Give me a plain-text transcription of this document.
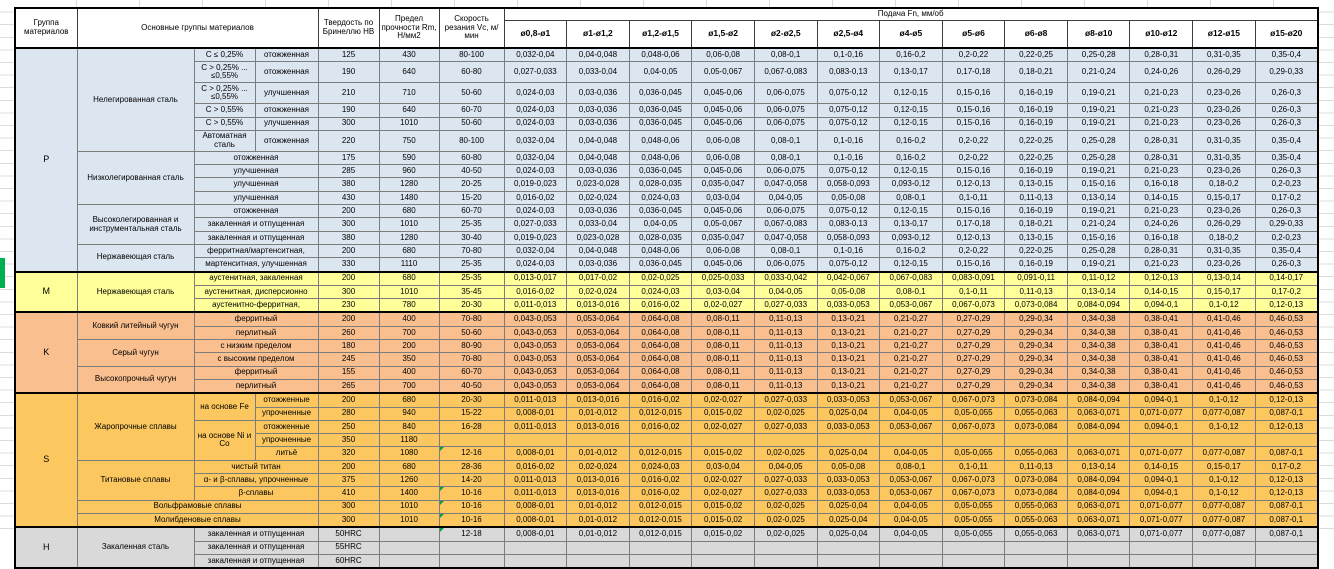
Группа материалов	Основные группы материалов			Твердость по Бринеллю НВ	Предел прочности Rm, Н/мм2	Скорость резания Vc, м/мин	Подача Fn, мм/об												
							ø0,8-ø1	ø1-ø1,2	ø1,2-ø1,5	ø1,5-ø2	ø2-ø2,5	ø2,5-ø4	ø4-ø5	ø5-ø6	ø6-ø8	ø8-ø10	ø10-ø12	ø12-ø15	ø15-ø20
P	Нелегированная сталь	C ≤ 0,25%	отожженная	125	430	80-100	0,032-0,04	0,04-0,048	0,048-0,06	0,06-0,08	0,08-0,1	0,1-0,16	0,16-0,2	0,2-0,22	0,22-0,25	0,25-0,28	0,28-0,31	0,31-0,35	0,35-0,4
		C > 0,25% ... ≤0,55%	отожженная	190	640	60-80	0,027-0,033	0,033-0,04	0,04-0,05	0,05-0,067	0,067-0,083	0,083-0,13	0,13-0,17	0,17-0,18	0,18-0,21	0,21-0,24	0,24-0,26	0,26-0,29	0,29-0,33
		C > 0,25% ... ≤0,55%	улучшенная	210	710	50-60	0,024-0,03	0,03-0,036	0,036-0,045	0,045-0,06	0,06-0,075	0,075-0,12	0,12-0,15	0,15-0,16	0,16-0,19	0,19-0,21	0,21-0,23	0,23-0,26	0,26-0,3
		C > 0,55%	отожженная	190	640	60-70	0,024-0,03	0,03-0,036	0,036-0,045	0,045-0,06	0,06-0,075	0,075-0,12	0,12-0,15	0,15-0,16	0,16-0,19	0,19-0,21	0,21-0,23	0,23-0,26	0,26-0,3
		C > 0,55%	улучшенная	300	1010	50-60	0,024-0,03	0,03-0,036	0,036-0,045	0,045-0,06	0,06-0,075	0,075-0,12	0,12-0,15	0,15-0,16	0,16-0,19	0,19-0,21	0,21-0,23	0,23-0,26	0,26-0,3
		Автоматная сталь	отожженная	220	750	80-100	0,032-0,04	0,04-0,048	0,048-0,06	0,06-0,08	0,08-0,1	0,1-0,16	0,16-0,2	0,2-0,22	0,22-0,25	0,25-0,28	0,28-0,31	0,31-0,35	0,35-0,4
	Низколегированная сталь	отожженная		175	590	60-80	0,032-0,04	0,04-0,048	0,048-0,06	0,06-0,08	0,08-0,1	0,1-0,16	0,16-0,2	0,2-0,22	0,22-0,25	0,25-0,28	0,28-0,31	0,31-0,35	0,35-0,4
		улучшенная		285	960	40-50	0,024-0,03	0,03-0,036	0,036-0,045	0,045-0,06	0,06-0,075	0,075-0,12	0,12-0,15	0,15-0,16	0,16-0,19	0,19-0,21	0,21-0,23	0,23-0,26	0,26-0,3
		улучшенная		380	1280	20-25	0,019-0,023	0,023-0,028	0,028-0,035	0,035-0,047	0,047-0,058	0,058-0,093	0,093-0,12	0,12-0,13	0,13-0,15	0,15-0,16	0,16-0,18	0,18-0,2	0,2-0,23
		улучшенная		430	1480	15-20	0,016-0,02	0,02-0,024	0,024-0,03	0,03-0,04	0,04-0,05	0,05-0,08	0,08-0,1	0,1-0,11	0,11-0,13	0,13-0,14	0,14-0,15	0,15-0,17	0,17-0,2
	Высоколегированная и инструментальная сталь	отожженная		200	680	60-70	0,024-0,03	0,03-0,036	0,036-0,045	0,045-0,06	0,06-0,075	0,075-0,12	0,12-0,15	0,15-0,16	0,16-0,19	0,19-0,21	0,21-0,23	0,23-0,26	0,26-0,3
		закаленная и отпущенная		300	1010	25-35	0,027-0,033	0,033-0,04	0,04-0,05	0,05-0,067	0,067-0,083	0,083-0,13	0,13-0,17	0,17-0,18	0,18-0,21	0,21-0,24	0,24-0,26	0,26-0,29	0,29-0,33
		закаленная и отпущенная		380	1280	30-40	0,019-0,023	0,023-0,028	0,028-0,035	0,035-0,047	0,047-0,058	0,058-0,093	0,093-0,12	0,12-0,13	0,13-0,15	0,15-0,16	0,16-0,18	0,18-0,2	0,2-0,23
	Нержавеющая сталь	ферритная/мартенситная,		200	680	70-80	0,032-0,04	0,04-0,048	0,048-0,06	0,06-0,08	0,08-0,1	0,1-0,16	0,16-0,2	0,2-0,22	0,22-0,25	0,25-0,28	0,28-0,31	0,31-0,35	0,35-0,4
		мартенситная, улучшенная		330	1110	25-35	0,024-0,03	0,03-0,036	0,036-0,045	0,045-0,06	0,06-0,075	0,075-0,12	0,12-0,15	0,15-0,16	0,16-0,19	0,19-0,21	0,21-0,23	0,23-0,26	0,26-0,3
M	Нержавеющая сталь	аустенитная, закаленная		200	680	25-35	0,013-0,017	0,017-0,02	0,02-0,025	0,025-0,033	0,033-0,042	0,042-0,067	0,067-0,083	0,083-0,091	0,091-0,11	0,11-0,12	0,12-0,13	0,13-0,14	0,14-0,17
		аустенитная, дисперсионно		300	1010	35-45	0,016-0,02	0,02-0,024	0,024-0,03	0,03-0,04	0,04-0,05	0,05-0,08	0,08-0,1	0,1-0,11	0,11-0,13	0,13-0,14	0,14-0,15	0,15-0,17	0,17-0,2
		аустенитно-ферритная,		230	780	20-30	0,011-0,013	0,013-0,016	0,016-0,02	0,02-0,027	0,027-0,033	0,033-0,053	0,053-0,067	0,067-0,073	0,073-0,084	0,084-0,094	0,094-0,1	0,1-0,12	0,12-0,13
K	Ковкий литейный чугун	ферритный		200	400	70-80	0,043-0,053	0,053-0,064	0,064-0,08	0,08-0,11	0,11-0,13	0,13-0,21	0,21-0,27	0,27-0,29	0,29-0,34	0,34-0,38	0,38-0,41	0,41-0,46	0,46-0,53
		перлитный		260	700	50-60	0,043-0,053	0,053-0,064	0,064-0,08	0,08-0,11	0,11-0,13	0,13-0,21	0,21-0,27	0,27-0,29	0,29-0,34	0,34-0,38	0,38-0,41	0,41-0,46	0,46-0,53
	Серый чугун	с низким пределом		180	200	80-90	0,043-0,053	0,053-0,064	0,064-0,08	0,08-0,11	0,11-0,13	0,13-0,21	0,21-0,27	0,27-0,29	0,29-0,34	0,34-0,38	0,38-0,41	0,41-0,46	0,46-0,53
		с высоким пределом		245	350	70-80	0,043-0,053	0,053-0,064	0,064-0,08	0,08-0,11	0,11-0,13	0,13-0,21	0,21-0,27	0,27-0,29	0,29-0,34	0,34-0,38	0,38-0,41	0,41-0,46	0,46-0,53
	Высокопрочный чугун	ферритный		155	400	60-70	0,043-0,053	0,053-0,064	0,064-0,08	0,08-0,11	0,11-0,13	0,13-0,21	0,21-0,27	0,27-0,29	0,29-0,34	0,34-0,38	0,38-0,41	0,41-0,46	0,46-0,53
		перлитный		265	700	40-50	0,043-0,053	0,053-0,064	0,064-0,08	0,08-0,11	0,11-0,13	0,13-0,21	0,21-0,27	0,27-0,29	0,29-0,34	0,34-0,38	0,38-0,41	0,41-0,46	0,46-0,53
S	Жаропрочные сплавы	на основе Fe	отожженные	200	680	20-30	0,011-0,013	0,013-0,016	0,016-0,02	0,02-0,027	0,027-0,033	0,033-0,053	0,053-0,067	0,067-0,073	0,073-0,084	0,084-0,094	0,094-0,1	0,1-0,12	0,12-0,13
			упрочненные	280	940	15-22	0,008-0,01	0,01-0,012	0,012-0,015	0,015-0,02	0,02-0,025	0,025-0,04	0,04-0,05	0,05-0,055	0,055-0,063	0,063-0,071	0,071-0,077	0,077-0,087	0,087-0,1
		на основе Ni и Co	отожженные	250	840	16-28	0,011-0,013	0,013-0,016	0,016-0,02	0,02-0,027	0,027-0,033	0,033-0,053	0,053-0,067	0,067-0,073	0,073-0,084	0,084-0,094	0,094-0,1	0,1-0,12	0,12-0,13
			упрочненные	350	1180														
			литьё	320	1080	12-16	0,008-0,01	0,01-0,012	0,012-0,015	0,015-0,02	0,02-0,025	0,025-0,04	0,04-0,05	0,05-0,055	0,055-0,063	0,063-0,071	0,071-0,077	0,077-0,087	0,087-0,1
	Титановые сплавы	чистый титан		200	680	28-36	0,016-0,02	0,02-0,024	0,024-0,03	0,03-0,04	0,04-0,05	0,05-0,08	0,08-0,1	0,1-0,11	0,11-0,13	0,13-0,14	0,14-0,15	0,15-0,17	0,17-0,2
		α- и β-сплавы, упрочненные		375	1260	14-20	0,011-0,013	0,013-0,016	0,016-0,02	0,02-0,027	0,027-0,033	0,033-0,053	0,053-0,067	0,067-0,073	0,073-0,084	0,084-0,094	0,094-0,1	0,1-0,12	0,12-0,13
		β-сплавы		410	1400	10-16	0,011-0,013	0,013-0,016	0,016-0,02	0,02-0,027	0,027-0,033	0,033-0,053	0,053-0,067	0,067-0,073	0,073-0,084	0,084-0,094	0,094-0,1	0,1-0,12	0,12-0,13
	Вольфрамовые сплавы			300	1010	10-16	0,008-0,01	0,01-0,012	0,012-0,015	0,015-0,02	0,02-0,025	0,025-0,04	0,04-0,05	0,05-0,055	0,055-0,063	0,063-0,071	0,071-0,077	0,077-0,087	0,087-0,1
	Молибденовые сплавы			300	1010	10-16	0,008-0,01	0,01-0,012	0,012-0,015	0,015-0,02	0,02-0,025	0,025-0,04	0,04-0,05	0,05-0,055	0,055-0,063	0,063-0,071	0,071-0,077	0,077-0,087	0,087-0,1
H	Закаленная сталь	закаленная и отпущенная		50HRC		12-18	0,008-0,01	0,01-0,012	0,012-0,015	0,015-0,02	0,02-0,025	0,025-0,04	0,04-0,05	0,05-0,055	0,055-0,063	0,063-0,071	0,071-0,077	0,077-0,087	0,087-0,1
		закаленная и отпущенная		55HRC															
		закаленная и отпущенная		60HRC															
